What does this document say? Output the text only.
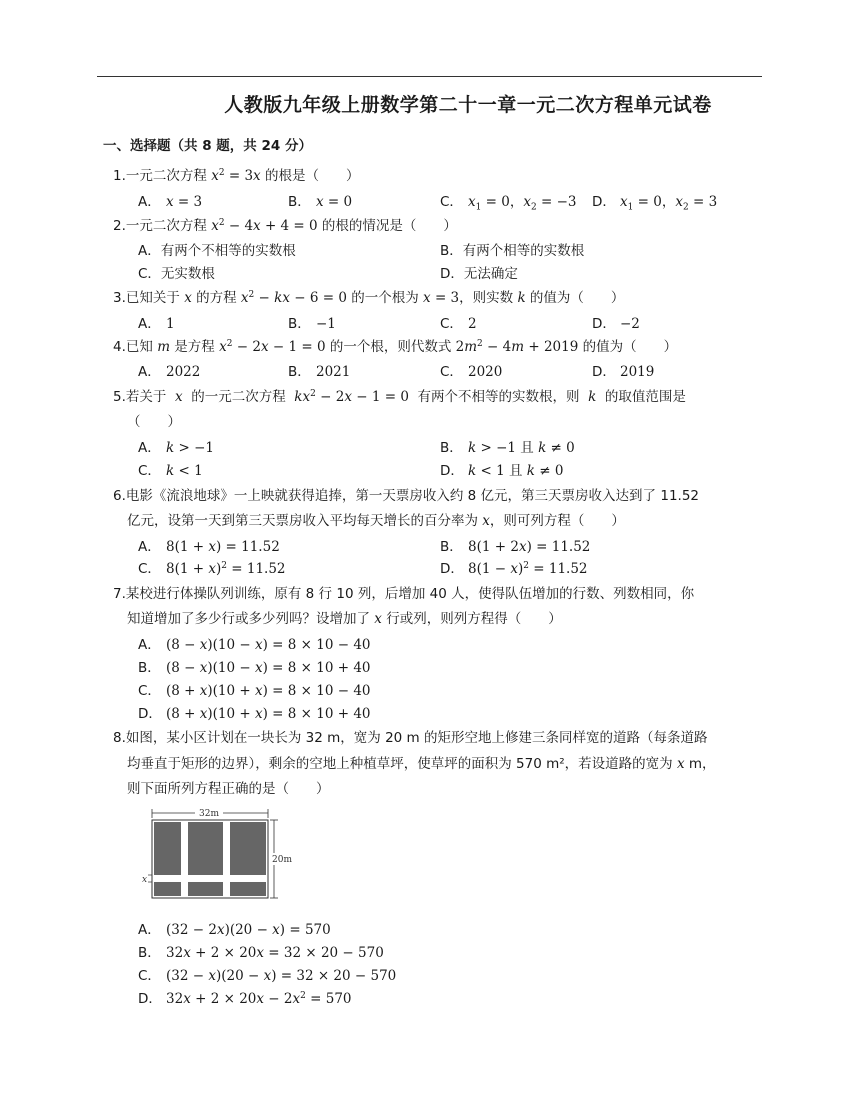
人教版九年级上册数学第二十一章一元二次方程单元试卷
一、选择题（共 8 题，共 24 分）
1.一元二次方程 $x^2 = 3x$ 的根是（　　）
A． x = 3	B． x = 0	C． $x_1 = 0$，$x_2 = -3$ D． $x_1 = 0$，$x_2 = 3$
2.一元二次方程 $x^2 - 4x + 4 = 0$ 的根的情况是（　　）
A．有两个不相等的实数根	B．有两个相等的实数根
C．无实数根	D．无法确定
3.已知关于 x 的方程 $x^2$ − kx − 6 = 0 的一个根为 x = 3，则实数 k 的值为（　　）
A． 1	B． −1	C． 2	D． −2
4.已知 m 是方程 $x^2 - 2x - 1 = 0$ 的一个根，则代数式 $2m^2 - 4m + 2019$ 的值为（　　）
A． 2022	B． 2021	C． 2020	D． 2019
5.若关于 x 的一元二次方程 $kx^2 - 2x - 1 = 0$ 有两个不相等的实数根，则 k 的取值范围是
（　　）
A． k > −1	B． k > −1 且 k ≠ 0
C． k < 1	D． k < 1 且 k ≠ 0
6.电影《流浪地球》一上映就获得追捧，第一天票房收入约 8 亿元，第三天票房收入达到了 11.52
亿元，设第一天到第三天票房收入平均每天增长的百分率为 x，则可列方程（　　）
A． 8(1 + x) = 11.52	B． 8(1 + 2x) = 11.52
C． $8(1 + x)^2 = 11.52$	D． $8(1 - x)^2 = 11.52$
7.某校进行体操队列训练，原有 8 行 10 列，后增加 40 人，使得队伍增加的行数、列数相同，你
知道增加了多少行或多少列吗？设增加了 x 行或列，则列方程得（　　）
A． (8 − x)(10 − x) = 8 × 10 − 40
B． (8 − x)(10 − x) = 8 × 10 + 40
C． (8 + x)(10 + x) = 8 × 10 − 40
D． (8 + x)(10 + x) = 8 × 10 + 40
8.如图，某小区计划在一块长为 32 m，宽为 20 m 的矩形空地上修建三条同样宽的道路（每条道路
均垂直于矩形的边界），剩余的空地上种植草坪，使草坪的面积为 570 m²，若设道路的宽为 x m，
则下面所列方程正确的是（　　）
32m
20m
x
A． (32 − 2x)(20 − x) = 570
B． 32x + 2 × 20x = 32 × 20 − 570
C． (32 − x)(20 − x) = 32 × 20 − 570
D． $32x + 2 \times 20x - 2x^2 = 570$
